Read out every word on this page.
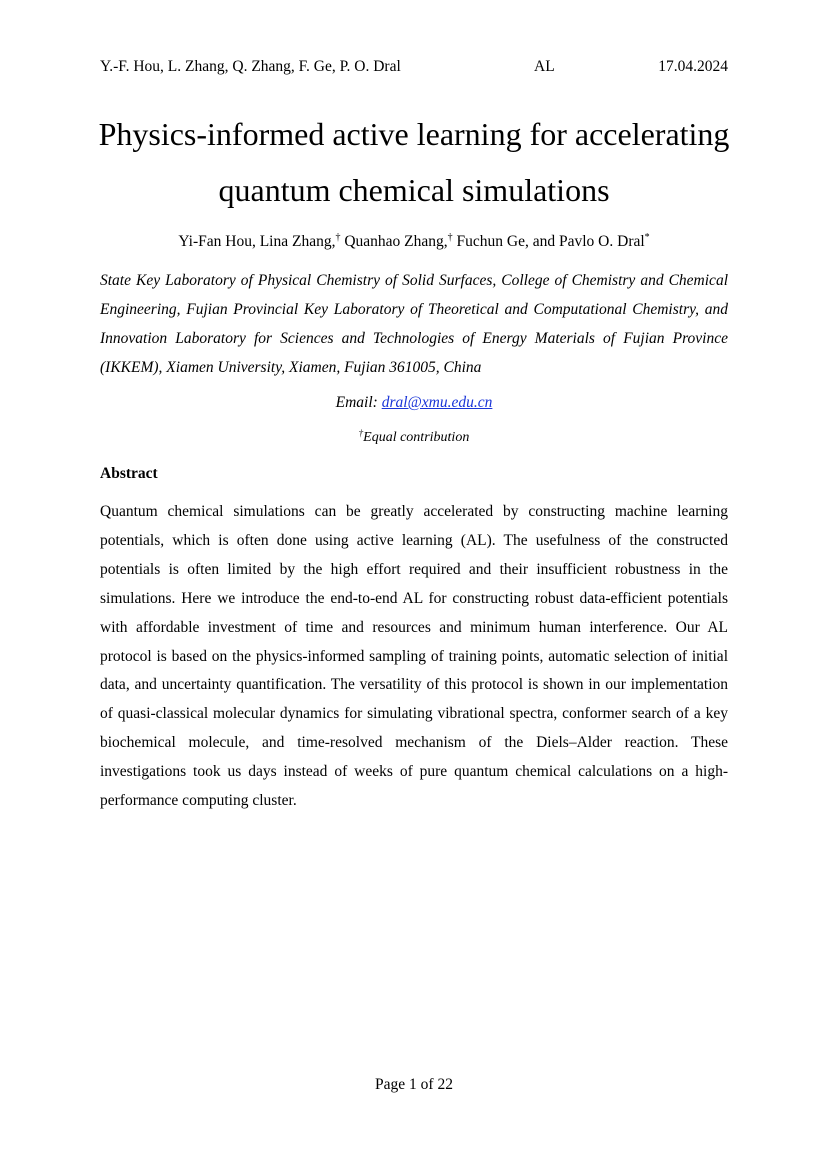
Y.-F. Hou, L. Zhang, Q. Zhang, F. Ge, P. O. Dral	AL	17.04.2024
Physics-informed active learning for accelerating quantum chemical simulations
Yi-Fan Hou, Lina Zhang,† Quanhao Zhang,† Fuchun Ge, and Pavlo O. Dral*
State Key Laboratory of Physical Chemistry of Solid Surfaces, College of Chemistry and Chemical Engineering, Fujian Provincial Key Laboratory of Theoretical and Computational Chemistry, and Innovation Laboratory for Sciences and Technologies of Energy Materials of Fujian Province (IKKEM), Xiamen University, Xiamen, Fujian 361005, China
Email: dral@xmu.edu.cn
†Equal contribution
Abstract

Quantum chemical simulations can be greatly accelerated by constructing machine learning potentials, which is often done using active learning (AL). The usefulness of the constructed potentials is often limited by the high effort required and their insufficient robustness in the simulations. Here we introduce the end-to-end AL for constructing robust data-efficient potentials with affordable investment of time and resources and minimum human interference. Our AL protocol is based on the physics-informed sampling of training points, automatic selection of initial data, and uncertainty quantification. The versatility of this protocol is shown in our implementation of quasi-classical molecular dynamics for simulating vibrational spectra, conformer search of a key biochemical molecule, and time-resolved mechanism of the Diels–Alder reaction. These investigations took us days instead of weeks of pure quantum chemical calculations on a high-performance computing cluster.

Page 1 of 22
